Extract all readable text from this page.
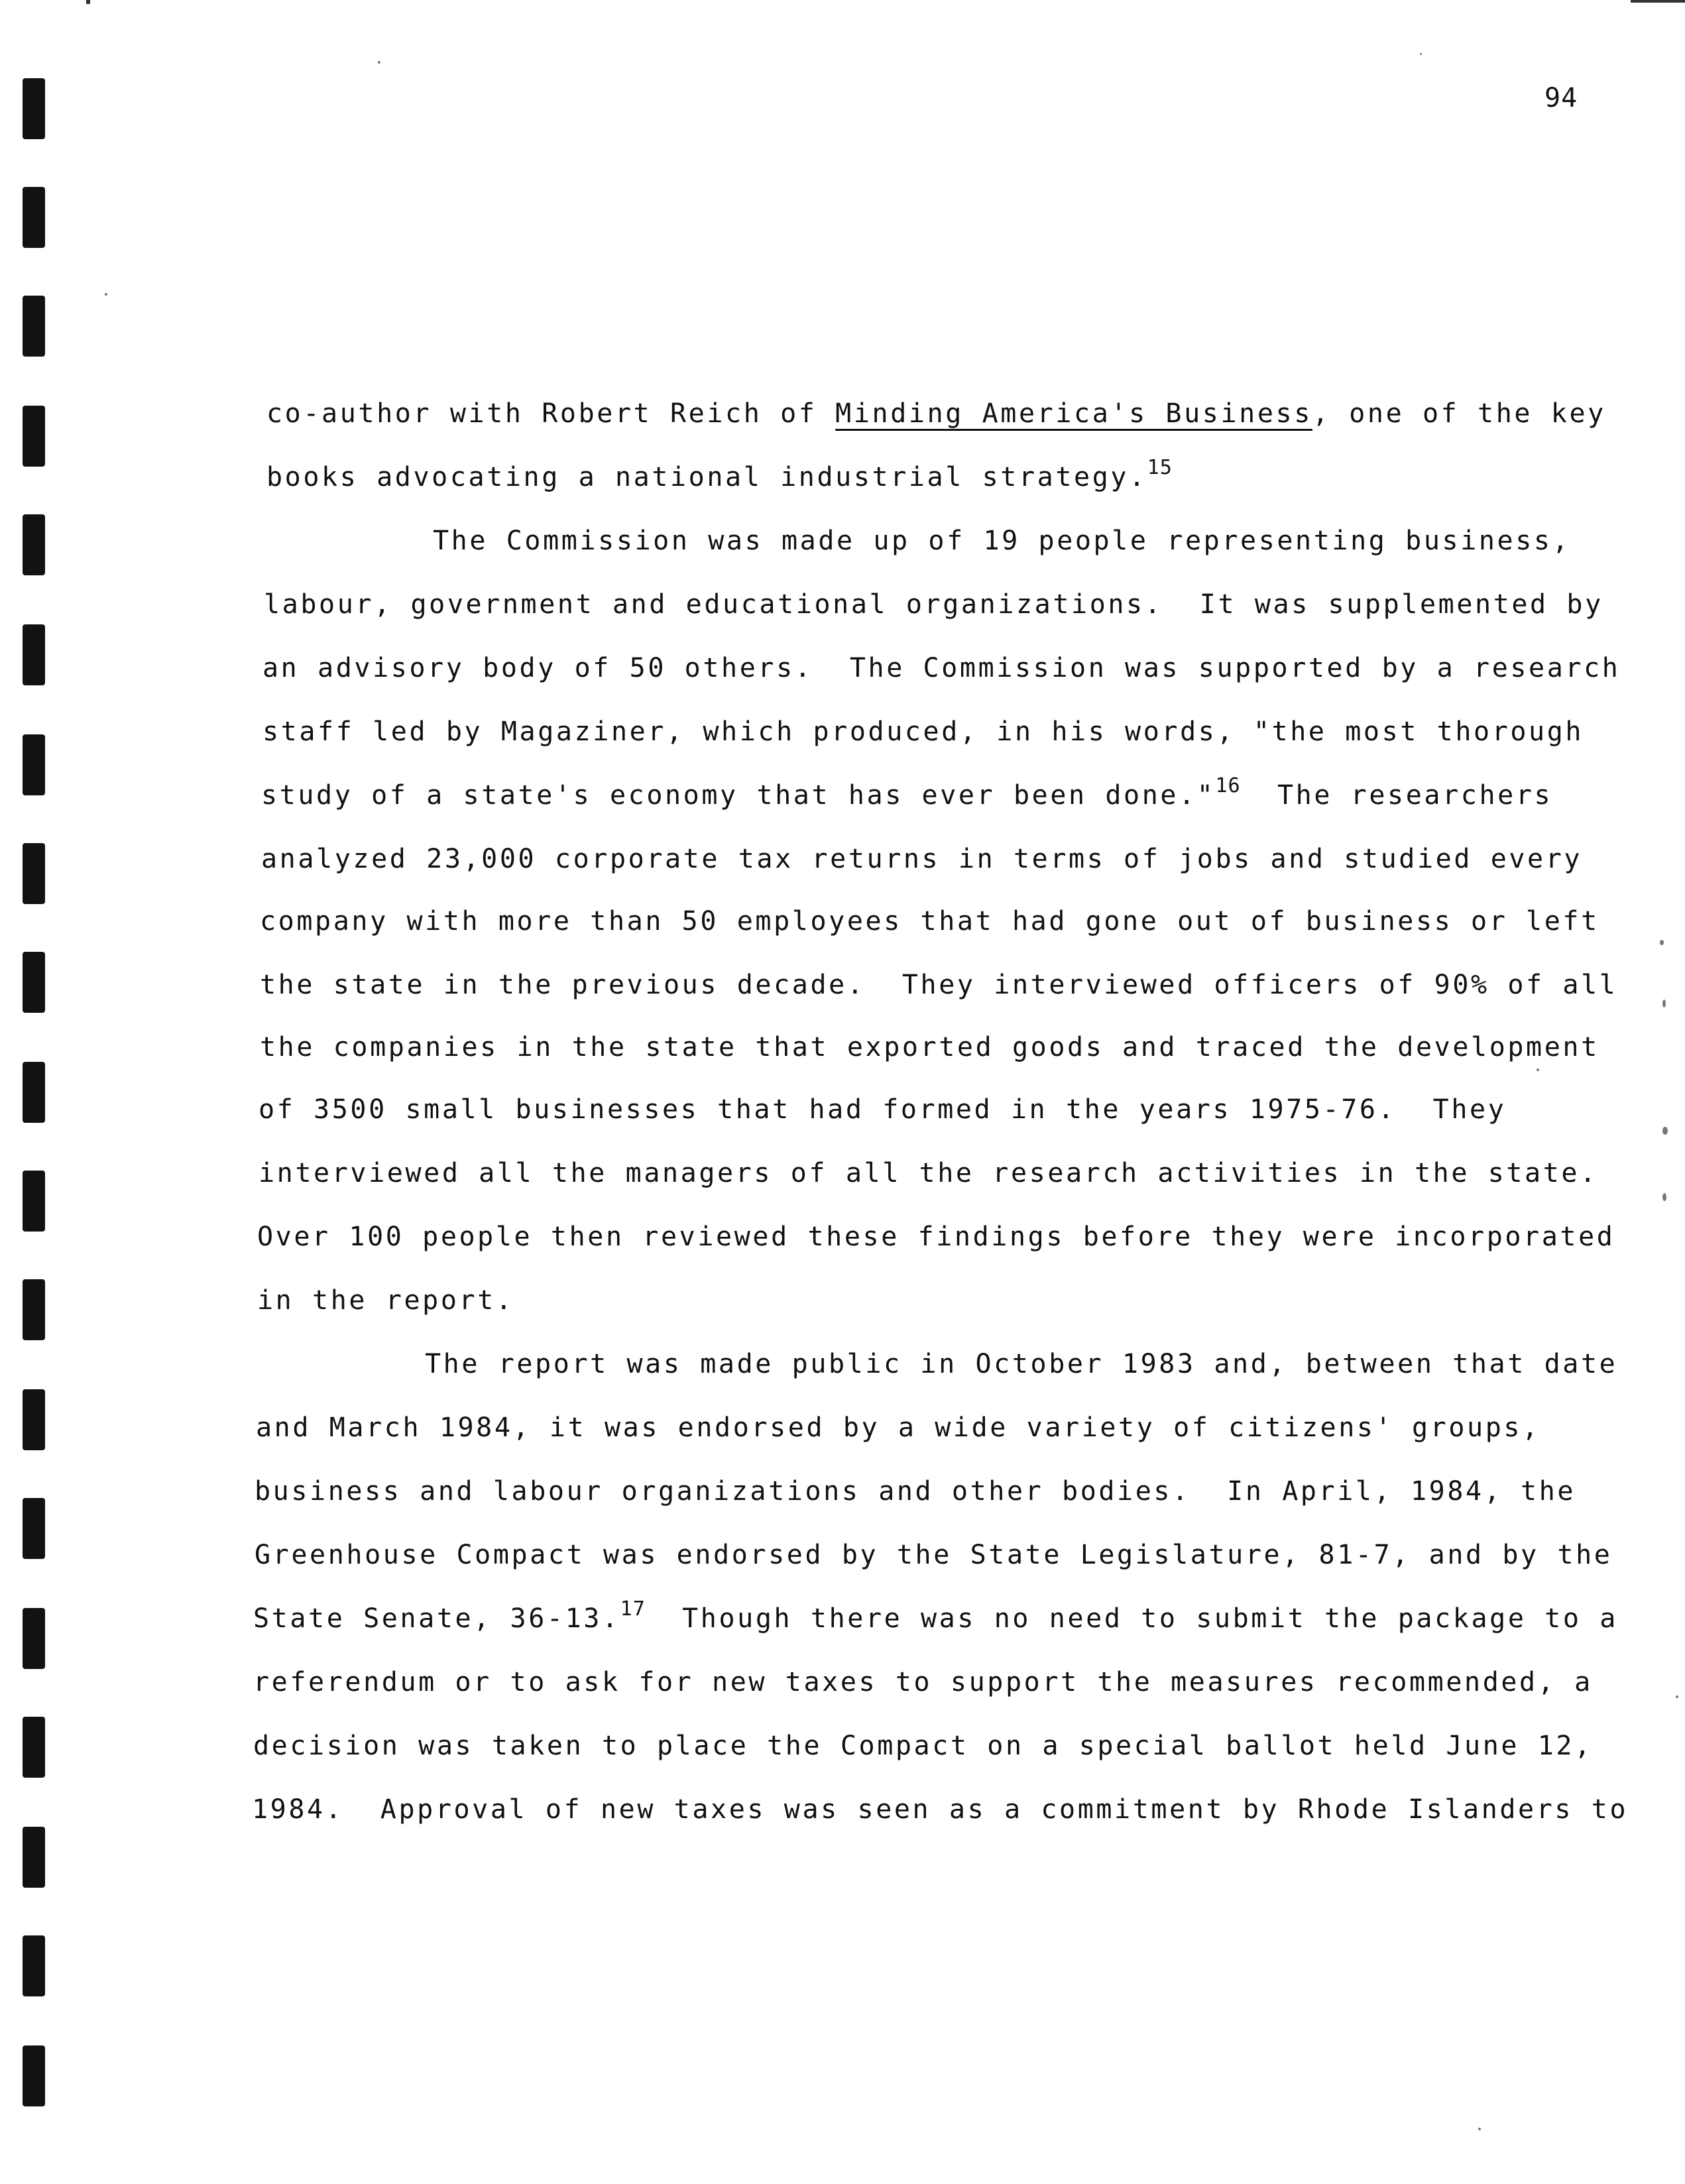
94
co-author with Robert Reich of Minding America's Business, one of the key
books advocating a national industrial strategy.$^{15}$
The Commission was made up of 19 people representing business,
labour, government and educational organizations.  It was supplemented by
an advisory body of 50 others.  The Commission was supported by a research
staff led by Magaziner, which produced, in his words, "the most thorough
study of a state's economy that has ever been done."$^{16}$  The researchers
analyzed 23,000 corporate tax returns in terms of jobs and studied every
company with more than 50 employees that had gone out of business or left
the state in the previous decade.  They interviewed officers of 90% of all
the companies in the state that exported goods and traced the development
of 3500 small businesses that had formed in the years 1975-76.  They
interviewed all the managers of all the research activities in the state.
Over 100 people then reviewed these findings before they were incorporated
in the report.
The report was made public in October 1983 and, between that date
and March 1984, it was endorsed by a wide variety of citizens' groups,
business and labour organizations and other bodies.  In April, 1984, the
Greenhouse Compact was endorsed by the State Legislature, 81-7, and by the
State Senate, 36-13.17  Though there was no need to submit the package to a
referendum or to ask for new taxes to support the measures recommended, a
decision was taken to place the Compact on a special ballot held June 12,
1984.  Approval of new taxes was seen as a commitment by Rhode Islanders to
